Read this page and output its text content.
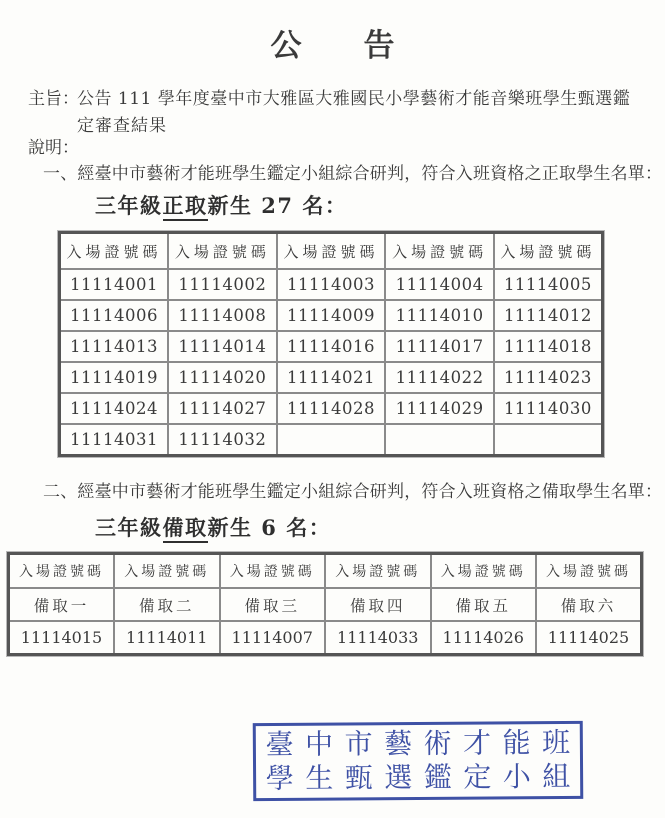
公　　告
主旨：
公告 111 學年度臺中市大雅區大雅國民小學藝術才能音樂班學生甄選鑑
定審查結果
說明：
一、經臺中市藝術才能班學生鑑定小組綜合研判，符合入班資格之正取學生名單：
三年級正取新生 27 名：
入場證號碼	入場證號碼	入場證號碼	入場證號碼	入場證號碼
11114001	11114002	11114003	11114004	11114005
11114006	11114008	11114009	11114010	11114012
11114013	11114014	11114016	11114017	11114018
11114019	11114020	11114021	11114022	11114023
11114024	11114027	11114028	11114029	11114030
11114031	11114032			
二、經臺中市藝術才能班學生鑑定小組綜合研判，符合入班資格之備取學生名單：
三年級備取新生 6 名：
入場證號碼	入場證號碼	入場證號碼	入場證號碼	入場證號碼	入場證號碼
備取一	備取二	備取三	備取四	備取五	備取六
11114015	11114011	11114007	11114033	11114026	11114025
臺 中 市 藝 術 才 能 班
學 生 甄 選 鑑 定 小 組
